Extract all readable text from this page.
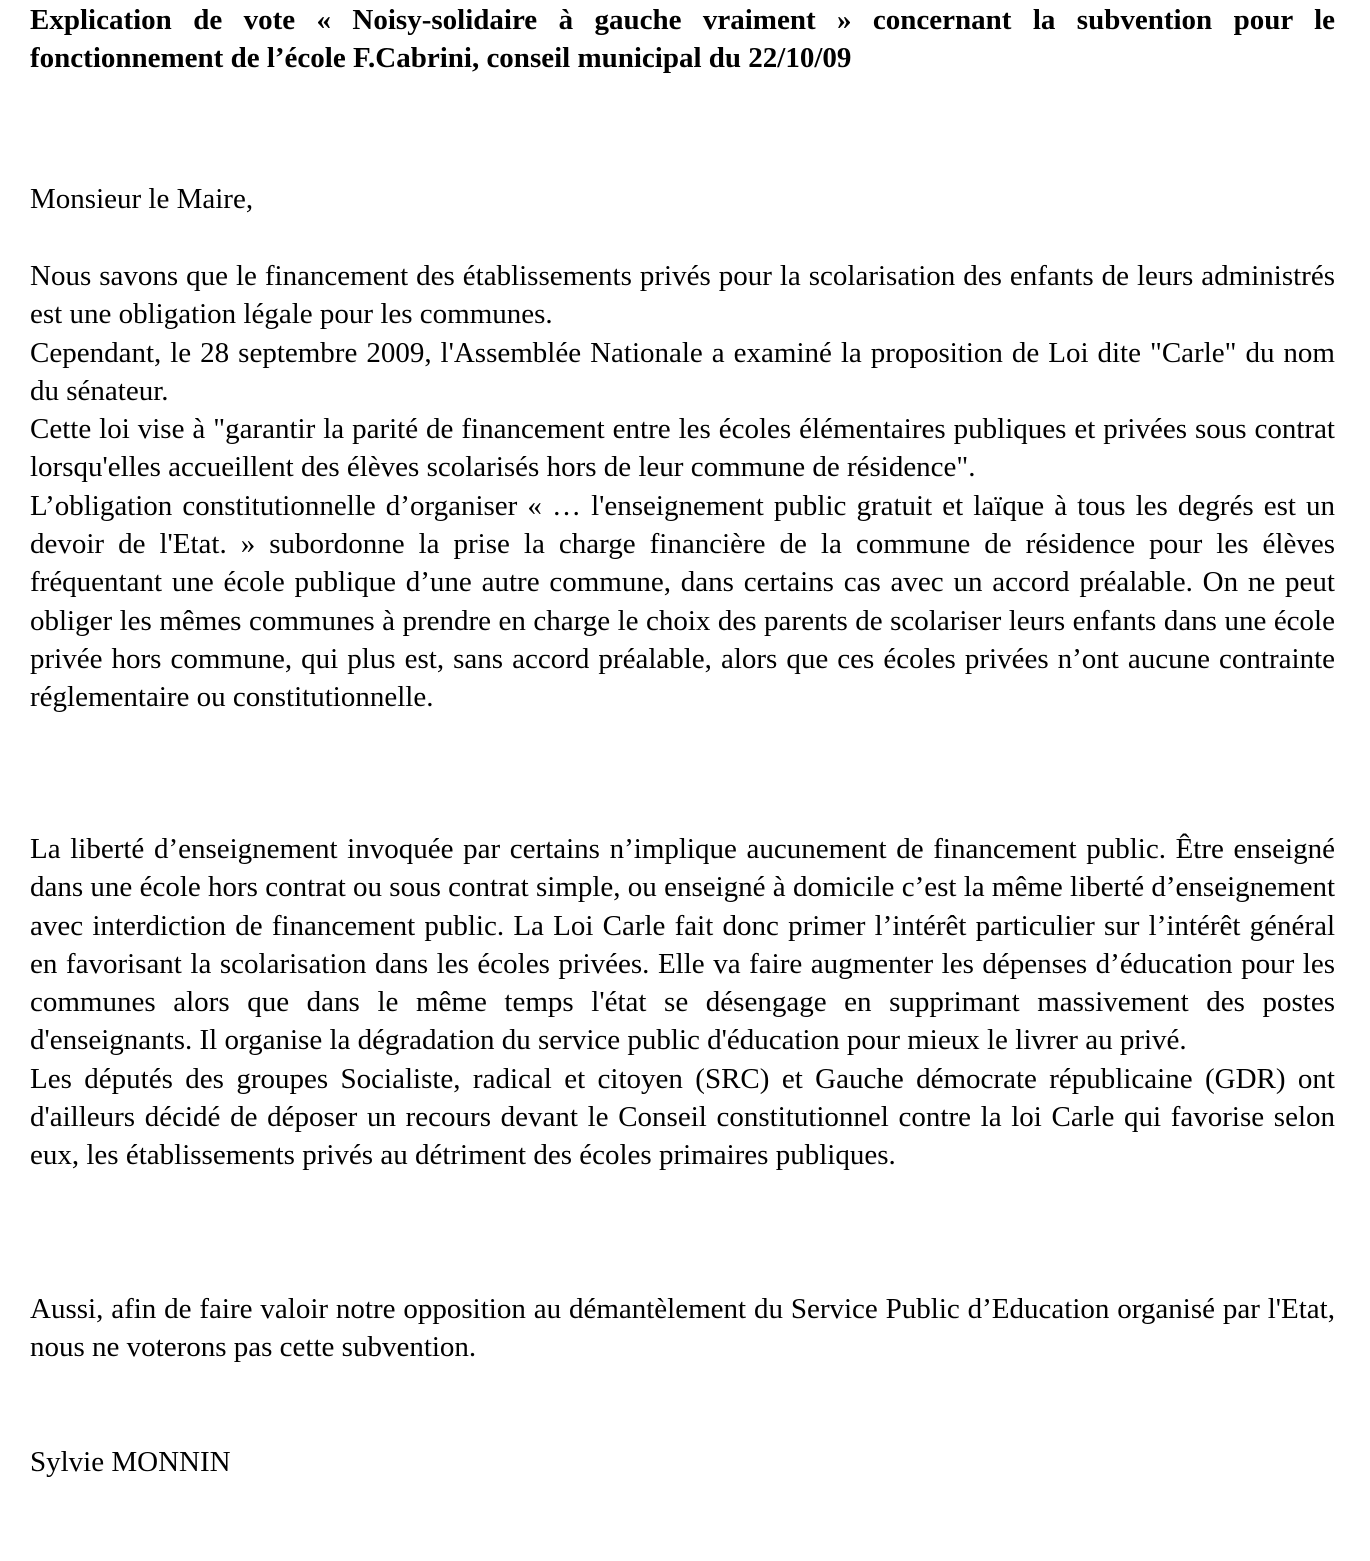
Explication de vote « Noisy-solidaire à gauche vraiment » concernant la subvention pour le fonctionnement de l’école F.Cabrini, conseil municipal du 22/10/09

Monsieur le Maire,

Nous savons que le financement des établissements privés pour la scolarisation des enfants de leurs administrés est une obligation légale pour les communes.

Cependant, le 28 septembre 2009, l'Assemblée Nationale a examiné la proposition de Loi dite "Carle" du nom du sénateur.

Cette loi vise à "garantir la parité de financement entre les écoles élémentaires publiques et privées sous contrat lorsqu'elles accueillent des élèves scolarisés hors de leur commune de résidence".

L’obligation constitutionnelle d’organiser « … l'enseignement public gratuit et laïque à tous les degrés est un devoir de l'Etat. » subordonne la prise la charge financière de la commune de résidence pour les élèves fréquentant une école publique d’une autre commune, dans certains cas avec un accord préalable. On ne peut obliger les mêmes communes à prendre en charge le choix des parents de scolariser leurs enfants dans une école privée hors commune, qui plus est, sans accord préalable, alors que ces écoles privées n’ont aucune contrainte réglementaire ou constitutionnelle.

La liberté d’enseignement invoquée par certains n’implique aucunement de financement public. Être enseigné dans une école hors contrat ou sous contrat simple, ou enseigné à domicile c’est la même liberté d’enseignement avec interdiction de financement public. La Loi Carle fait donc primer l’intérêt particulier sur l’intérêt général en favorisant la scolarisation dans les écoles privées. Elle va faire augmenter les dépenses d’éducation pour les communes alors que dans le même temps l'état se désengage en supprimant massivement des postes d'enseignants. Il organise la dégradation du service public d'éducation pour mieux le livrer au privé.

Les députés des groupes Socialiste, radical et citoyen (SRC) et Gauche démocrate républicaine (GDR) ont d'ailleurs décidé de déposer un recours devant le Conseil constitutionnel contre la loi Carle qui favorise selon eux, les établissements privés au détriment des écoles primaires publiques.

Aussi, afin de faire valoir notre opposition au démantèlement du Service Public d’Education organisé par l'Etat, nous ne voterons pas cette subvention.

Sylvie MONNIN
